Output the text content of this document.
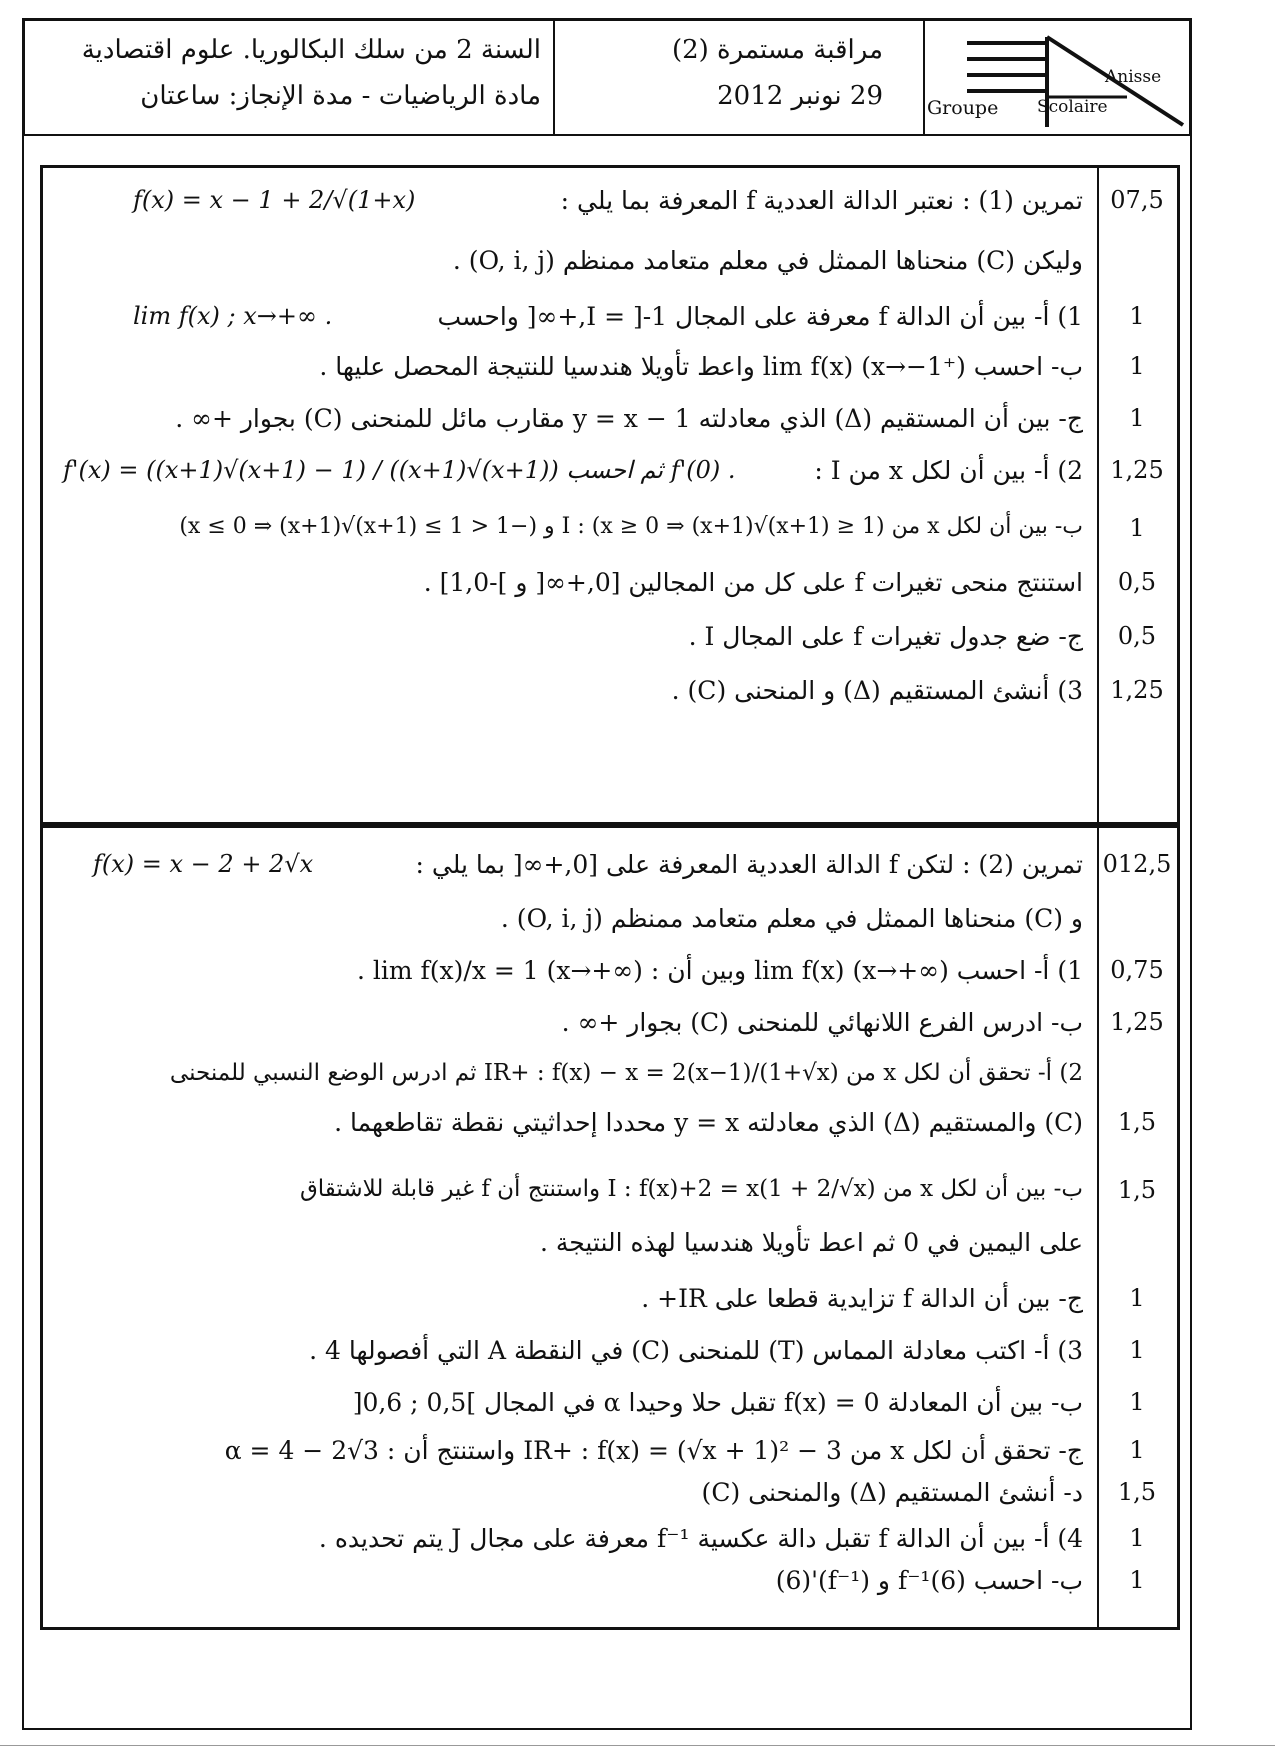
السنة 2 من سلك البكالوريا. علوم اقتصادية
مادة الرياضيات - مدة الإنجاز: ساعتان
مراقبة مستمرة (2)
29 نونبر 2012
Anisse
Groupe Scolaire
تمرين (1) : نعتبر الدالة العددية f المعرفة بما يلي :
f(x) = x − 1 + 2/√(1+x)	07,5
وليكن (C) منحناها الممثل في معلم متعامد ممنظم (O, i, j) .
1) أ- بين أن الدالة f معرفة على المجال I = ]-1,+∞[ واحسب
lim f(x) ; x→+∞ .	1
ب- احسب lim f(x) (x→−1⁺) واعط تأويلا هندسيا للنتيجة المحصل عليها .	1
ج- بين أن المستقيم (Δ) الذي معادلته y = x − 1 مقارب مائل للمنحنى (C) بجوار +∞ .	1
2) أ- بين أن لكل x من I :
f'(x) = ((x+1)√(x+1) − 1) / ((x+1)√(x+1)) ثم احسب f'(0) .	1,25
ب- بين أن لكل x من I : (x ≥ 0 ⇒ (x+1)√(x+1) ≥ 1) و (−1 < x ≤ 0 ⇒ (x+1)√(x+1) ≤ 1)	1
استنتج منحى تغيرات f على كل من المجالين [0,+∞[ و ]-1,0] .	0,5
ج- ضع جدول تغيرات f على المجال I .	0,5
3) أنشئ المستقيم (Δ) و المنحنى (C) .	1,25
تمرين (2) : لتكن f الدالة العددية المعرفة على [0,+∞[ بما يلي :
f(x) = x − 2 + 2√x	012,5
و (C) منحناها الممثل في معلم متعامد ممنظم (O, i, j) .
1) أ- احسب lim f(x) (x→+∞) وبين أن : lim f(x)/x = 1 (x→+∞) .	0,75
ب- ادرس الفرع اللانهائي للمنحنى (C) بجوار +∞ .	1,25
2) أ- تحقق أن لكل x من IR+ : f(x) − x = 2(x−1)/(1+√x) ثم ادرس الوضع النسبي للمنحنى
(C) والمستقيم (Δ) الذي معادلته y = x محددا إحداثيتي نقطة تقاطعهما .	1,5
ب- بين أن لكل x من I : f(x)+2 = x(1 + 2/√x) واستنتج أن f غير قابلة للاشتقاق	1,5
على اليمين في 0 ثم اعط تأويلا هندسيا لهذه النتيجة .
ج- بين أن الدالة f تزايدية قطعا على IR+ .	1
3) أ- اكتب معادلة المماس (T) للمنحنى (C) في النقطة A التي أفصولها 4 .	1
ب- بين أن المعادلة f(x) = 0 تقبل حلا وحيدا α في المجال ]0,5 ; 0,6[	1
ج- تحقق أن لكل x من IR+ : f(x) = (√x + 1)² − 3 واستنتج أن : α = 4 − 2√3	1
د- أنشئ المستقيم (Δ) والمنحنى (C)	1,5
4) أ- بين أن الدالة f تقبل دالة عكسية f⁻¹ معرفة على مجال J يتم تحديده .	1
ب- احسب f⁻¹(6) و (f⁻¹)'(6)	1
